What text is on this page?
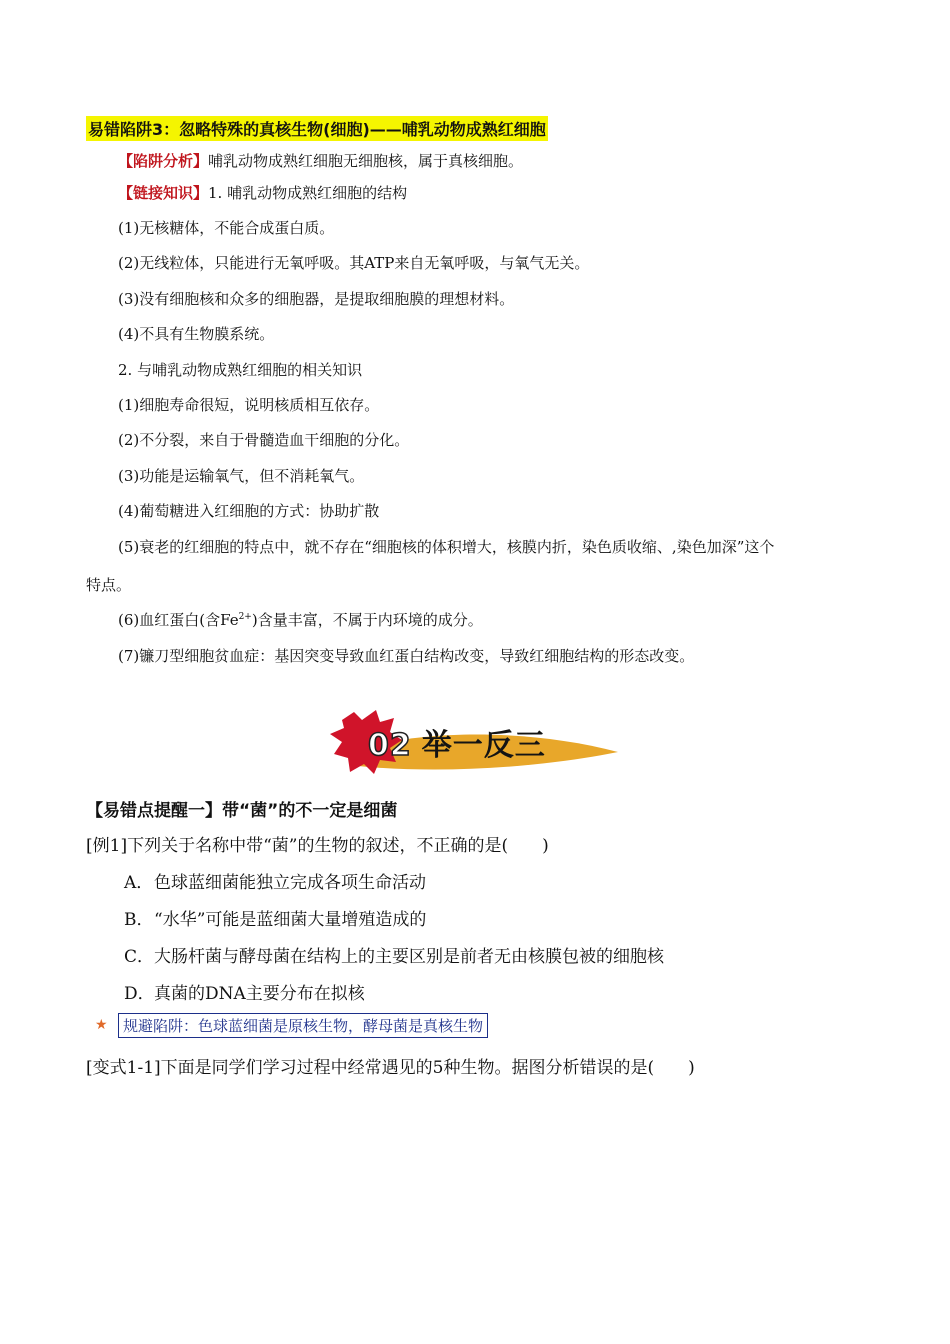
易错陷阱3：忽略特殊的真核生物(细胞)——哺乳动物成熟红细胞
【陷阱分析】哺乳动物成熟红细胞无细胞核，属于真核细胞。
【链接知识】1. 哺乳动物成熟红细胞的结构
(1)无核糖体，不能合成蛋白质。
(2)无线粒体，只能进行无氧呼吸。其ATP来自无氧呼吸，与氧气无关。
(3)没有细胞核和众多的细胞器，是提取细胞膜的理想材料。
(4)不具有生物膜系统。
2. 与哺乳动物成熟红细胞的相关知识
(1)细胞寿命很短，说明核质相互依存。
(2)不分裂，来自于骨髓造血干细胞的分化。
(3)功能是运输氧气，但不消耗氧气。
(4)葡萄糖进入红细胞的方式：协助扩散
(5)衰老的红细胞的特点中，就不存在“细胞核的体积增大，核膜内折，染色质收缩、,染色加深”这个
特点。
(6)血红蛋白(含$Fe^{2+}$)含量丰富，不属于内环境的成分。
(7)镰刀型细胞贫血症：基因突变导致血红蛋白结构改变，导致红细胞结构的形态改变。
02 举一反三
【易错点提醒一】带“菌”的不一定是细菌
[例1]下列关于名称中带“菌”的生物的叙述，不正确的是(　　)
A．色球蓝细菌能独立完成各项生命活动
B．“水华”可能是蓝细菌大量增殖造成的
C．大肠杆菌与酵母菌在结构上的主要区别是前者无由核膜包被的细胞核
D．真菌的DNA主要分布在拟核
★	规避陷阱：色球蓝细菌是原核生物，酵母菌是真核生物
[变式1-1]下面是同学们学习过程中经常遇见的5种生物。据图分析错误的是(　　)
